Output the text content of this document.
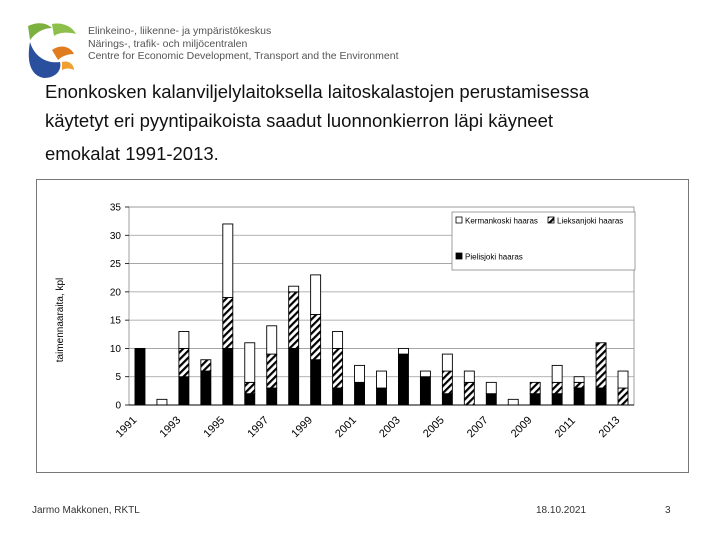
Elinkeino-, liikenne- ja ympäristökeskus
Närings-, trafik- och miljöcentralen
Centre for Economic Development, Transport and the Environment
Enonkosken kalanviljelylaitoksella laitoskalastojen perustamisessa
käytetyt eri pyyntipaikoista saadut luonnonkierron läpi käyneet
emokalat 1991-2013.
0
5
10
15
20
25
30
35
taimennaaraita, kpl
1991 1993 1995 1997 1999 2001 2003 2005 2007 2009 2011 2013
Kermankoski haaras Lieksanjoki haaras
Pielisjoki haaras
Jarmo Makkonen, RKTL	18.10.2021	3
